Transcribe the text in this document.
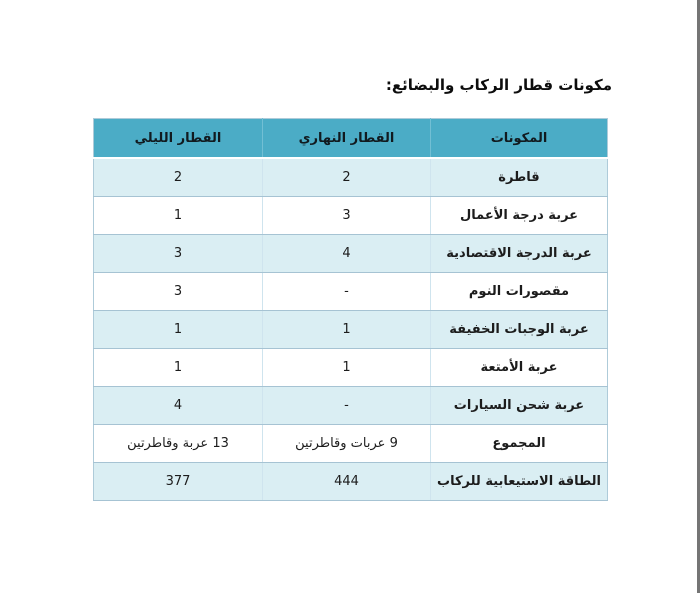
مكونات قطار الركاب والبضائع:
المكونات	القطار النهاري	القطار الليلي
قاطرة	2	2
عربة درجة الأعمال	3	1
عربة الدرجة الاقتصادية	4	3
مقصورات النوم	-	3
عربة الوجبات الخفيفة	1	1
عربة الأمتعة	1	1
عربة شحن السيارات	-	4
المجموع	9 عربات وقاطرتين	13 عربة وقاطرتين
الطاقة الاستيعابية للركاب	444	377
